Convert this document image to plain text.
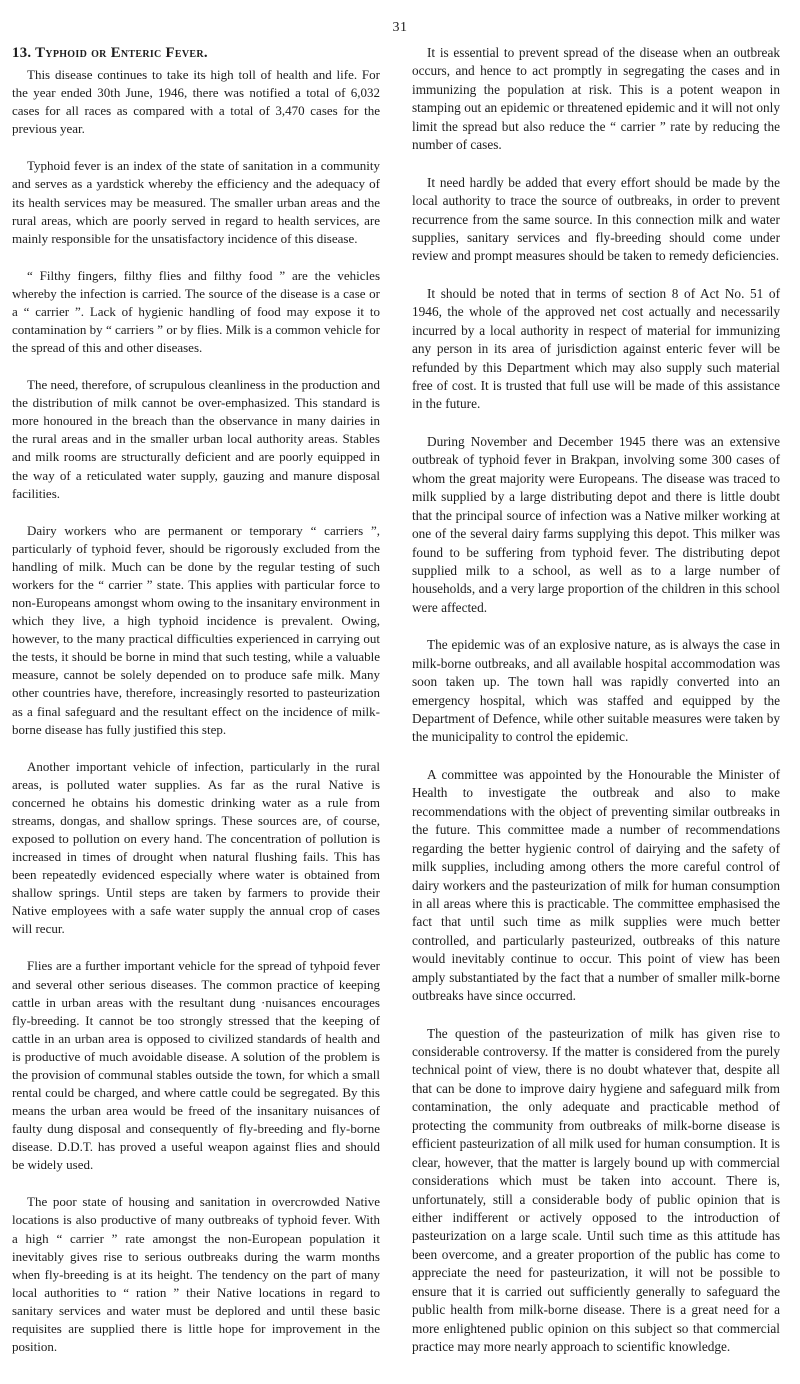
31
13. Typhoid or Enteric Fever.

This disease continues to take its high toll of health and life. For the year ended 30th June, 1946, there was notified a total of 6,032 cases for all races as compared with a total of 3,470 cases for the previous year.

Typhoid fever is an index of the state of sanitation in a community and serves as a yardstick whereby the efficiency and the adequacy of its health services may be measured. The smaller urban areas and the rural areas, which are poorly served in regard to health services, are mainly responsible for the unsatisfactory incidence of this disease.

“ Filthy fingers, filthy flies and filthy food ” are the vehicles whereby the infection is carried. The source of the disease is a case or a “ carrier ”. Lack of hygienic handling of food may expose it to contamination by “ carriers ” or by flies. Milk is a common vehicle for the spread of this and other diseases.

The need, therefore, of scrupulous cleanliness in the production and the distribution of milk cannot be over-emphasized. This standard is more honoured in the breach than the observance in many dairies in the rural areas and in the smaller urban local authority areas. Stables and milk rooms are structurally deficient and are poorly equipped in the way of a reticulated water supply, gauzing and manure disposal facilities.

Dairy workers who are permanent or temporary “ carriers ”, particularly of typhoid fever, should be rigorously excluded from the handling of milk. Much can be done by the regular testing of such workers for the “ carrier ” state. This applies with particular force to non-Europeans amongst whom owing to the insanitary environment in which they live, a high typhoid incidence is prevalent. Owing, however, to the many practical difficulties experienced in carrying out the tests, it should be borne in mind that such testing, while a valuable measure, cannot be solely depended on to produce safe milk. Many other countries have, therefore, increasingly resorted to pasteurization as a final safeguard and the resultant effect on the incidence of milk-borne disease has fully justified this step.

Another important vehicle of infection, particularly in the rural areas, is polluted water supplies. As far as the rural Native is concerned he obtains his domestic drinking water as a rule from streams, dongas, and shallow springs. These sources are, of course, exposed to pollution on every hand. The concentration of pollution is increased in times of drought when natural flushing fails. This has been repeatedly evidenced especially where water is obtained from shallow springs. Until steps are taken by farmers to provide their Native employees with a safe water supply the annual crop of cases will recur.

Flies are a further important vehicle for the spread of tyhpoid fever and several other serious diseases. The common practice of keeping cattle in urban areas with the resultant dung ·nuisances encourages fly-breeding. It cannot be too strongly stressed that the keeping of cattle in an urban area is opposed to civilized standards of health and is productive of much avoidable disease. A solution of the problem is the provision of communal stables outside the town, for which a small rental could be charged, and where cattle could be segregated. By this means the urban area would be freed of the insanitary nuisances of faulty dung disposal and consequently of fly-breeding and fly-borne disease. D.D.T. has proved a useful weapon against flies and should be widely used.

The poor state of housing and sanitation in overcrowded Native locations is also productive of many outbreaks of typhoid fever. With a high “ carrier ” rate amongst the non-European population it inevitably gives rise to serious outbreaks during the warm months when fly-breeding is at its height. The tendency on the part of many local authorities to “ ration ” their Native locations in regard to sanitary services and water must be deplored and until these basic requisites are supplied there is little hope for improvement in the position.

It is essential to prevent spread of the disease when an outbreak occurs, and hence to act promptly in segregating the cases and in immunizing the population at risk. This is a potent weapon in stamping out an epidemic or threatened epidemic and it will not only limit the spread but also reduce the “ carrier ” rate by reducing the number of cases.

It need hardly be added that every effort should be made by the local authority to trace the source of outbreaks, in order to prevent recurrence from the same source. In this connection milk and water supplies, sanitary services and fly-breeding should come under review and prompt measures should be taken to remedy deficiencies.

It should be noted that in terms of section 8 of Act No. 51 of 1946, the whole of the approved net cost actually and necessarily incurred by a local authority in respect of material for immunizing any person in its area of jurisdiction against enteric fever will be refunded by this Department which may also supply such material free of cost. It is trusted that full use will be made of this assistance in the future.

During November and December 1945 there was an extensive outbreak of typhoid fever in Brakpan, involving some 300 cases of whom the great majority were Europeans. The disease was traced to milk supplied by a large distributing depot and there is little doubt that the principal source of infection was a Native milker working at one of the several dairy farms supplying this depot. This milker was found to be suffering from typhoid fever. The distributing depot supplied milk to a school, as well as to a large number of households, and a very large proportion of the children in this school were affected.

The epidemic was of an explosive nature, as is always the case in milk-borne outbreaks, and all available hospital accommodation was soon taken up. The town hall was rapidly converted into an emergency hospital, which was staffed and equipped by the Department of Defence, while other suitable measures were taken by the municipality to control the epidemic.

A committee was appointed by the Honourable the Minister of Health to investigate the outbreak and also to make recommendations with the object of preventing similar outbreaks in the future. This committee made a number of recommendations regarding the better hygienic control of dairying and the safety of milk supplies, including among others the more careful control of dairy workers and the pasteurization of milk for human consumption in all areas where this is practicable. The committee emphasised the fact that until such time as milk supplies were much better controlled, and particularly pasteurized, outbreaks of this nature would inevitably continue to occur. This point of view has been amply substantiated by the fact that a number of smaller milk-borne outbreaks have since occurred.

The question of the pasteurization of milk has given rise to considerable controversy. If the matter is considered from the purely technical point of view, there is no doubt whatever that, despite all that can be done to improve dairy hygiene and safeguard milk from contamination, the only adequate and practicable method of protecting the community from outbreaks of milk-borne disease is efficient pasteurization of all milk used for human consumption. It is clear, however, that the matter is largely bound up with commercial considerations which must be taken into account. There is, unfortunately, still a considerable body of public opinion that is either indifferent or actively opposed to the introduction of pasteurization on a large scale. Until such time as this attitude has been overcome, and a greater proportion of the public has come to appreciate the need for pasteurization, it will not be possible to ensure that it is carried out sufficiently generally to safeguard the public health from milk-borne disease. There is a great need for a more enlightened public opinion on this subject so that commercial practice may more nearly approach to scientific knowledge.
